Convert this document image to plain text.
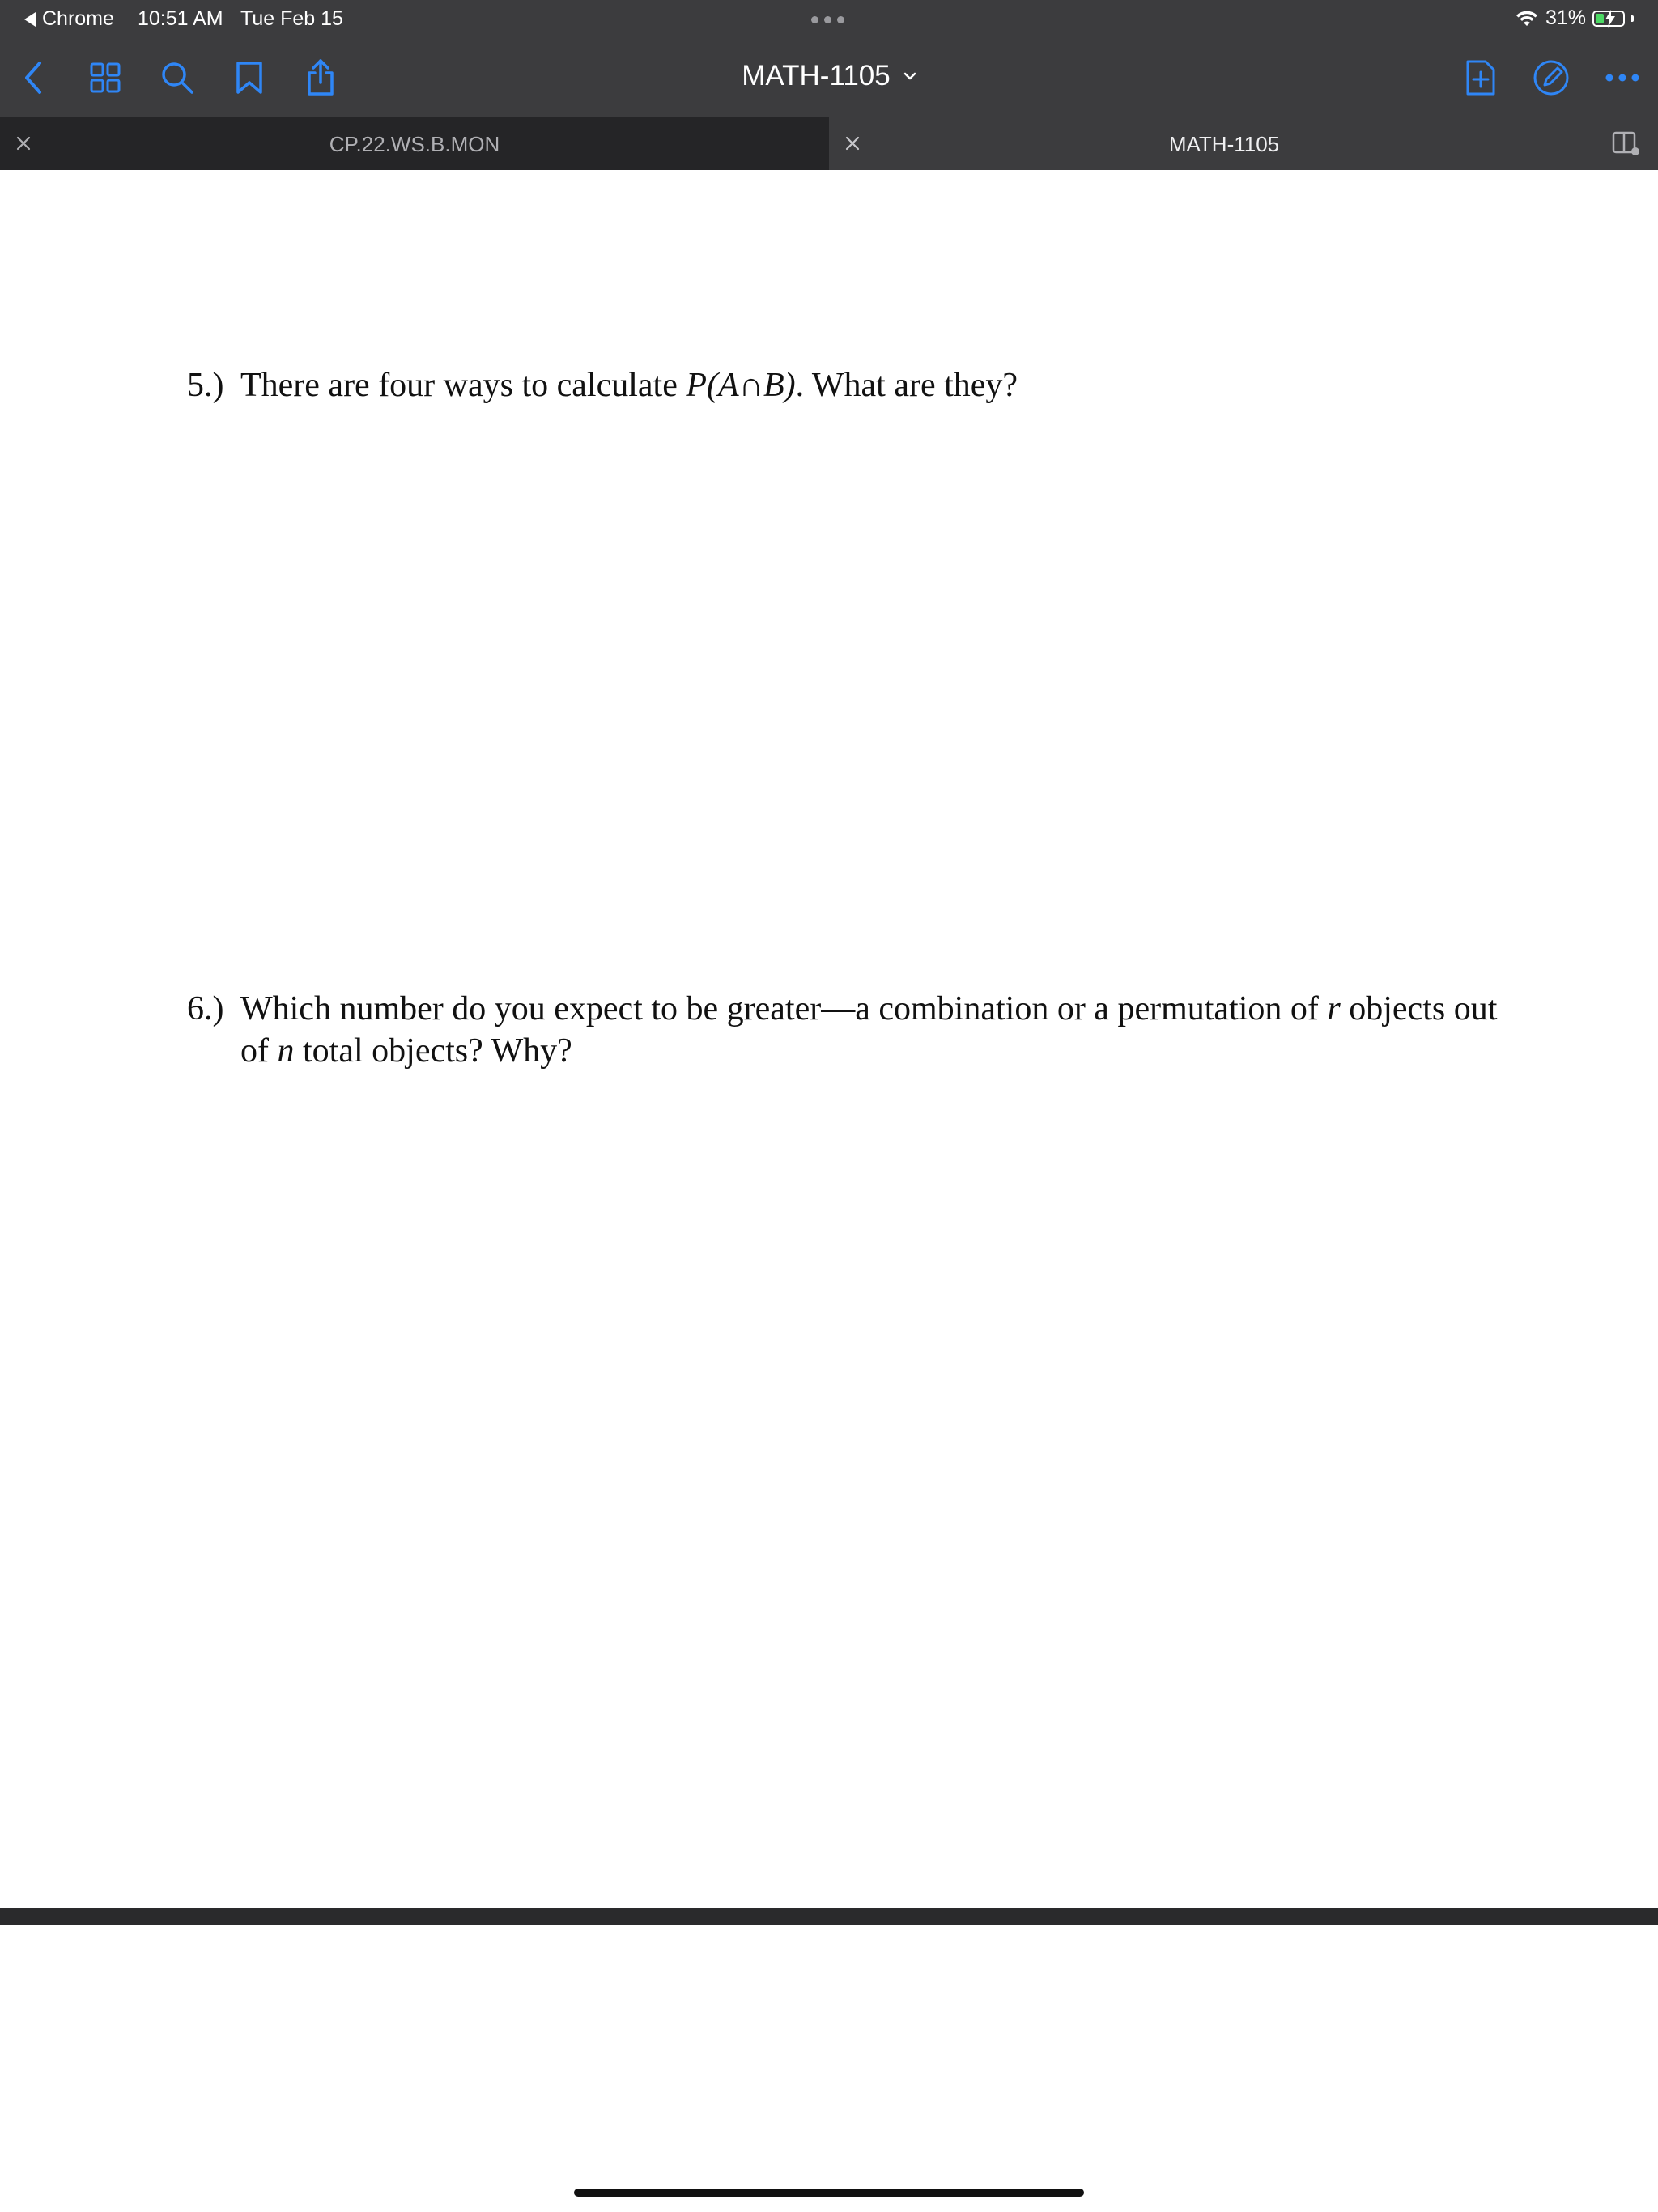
Chrome 10:51 AM Tue Feb 15	31%
MATH-1105
CP.22.WS.B.MON	MATH-1105
5.) There are four ways to calculate P(A∩B). What are they?
6.) Which number do you expect to be greater—a combination or a permutation of r objects out of n total objects? Why?
